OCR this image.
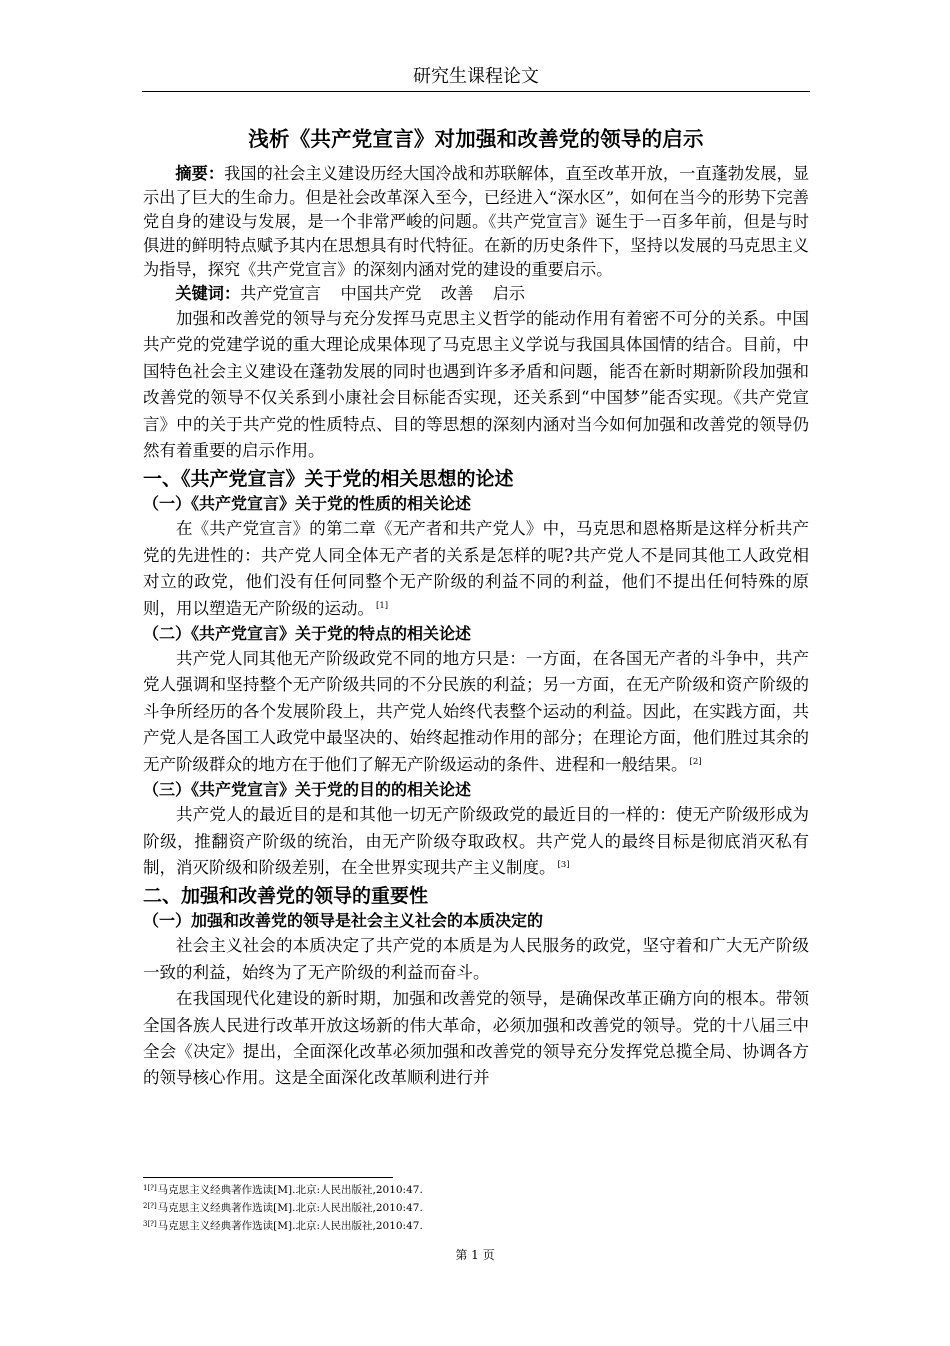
研究生课程论文
浅析《共产党宣言》对加强和改善党的领导的启示
摘要：我国的社会主义建设历经大国冷战和苏联解体，直至改革开放，一直蓬勃发展，显示出了巨大的生命力。但是社会改革深入至今，已经进入“深水区”，如何在当今的形势下完善党自身的建设与发展，是一个非常严峻的问题。《共产党宣言》诞生于一百多年前，但是与时俱进的鲜明特点赋予其内在思想具有时代特征。在新的历史条件下，坚持以发展的马克思主义为指导，探究《共产党宣言》的深刻内涵对党的建设的重要启示。
关键词：共产党宣言 中国共产党 改善 启示

加强和改善党的领导与充分发挥马克思主义哲学的能动作用有着密不可分的关系。中国共产党的党建学说的重大理论成果体现了马克思主义学说与我国具体国情的结合。目前，中国特色社会主义建设在蓬勃发展的同时也遇到许多矛盾和问题，能否在新时期新阶段加强和改善党的领导不仅关系到小康社会目标能否实现，还关系到“中国梦”能否实现。《共产党宣言》中的关于共产党的性质特点、目的等思想的深刻内涵对当今如何加强和改善党的领导仍然有着重要的启示作用。

一、《共产党宣言》关于党的相关思想的论述
（一）《共产党宣言》关于党的性质的相关论述

在《共产党宣言》的第二章《无产者和共产党人》中，马克思和恩格斯是这样分析共产党的先进性的：共产党人同全体无产者的关系是怎样的呢?共产党人不是同其他工人政党相对立的政党，他们没有任何同整个无产阶级的利益不同的利益，他们不提出任何特殊的原则，用以塑造无产阶级的运动。 [1]

（二）《共产党宣言》关于党的特点的相关论述

共产党人同其他无产阶级政党不同的地方只是：一方面，在各国无产者的斗争中，共产党人强调和坚持整个无产阶级共同的不分民族的利益；另一方面，在无产阶级和资产阶级的斗争所经历的各个发展阶段上，共产党人始终代表整个运动的利益。因此，在实践方面，共产党人是各国工人政党中最坚决的、始终起推动作用的部分；在理论方面，他们胜过其余的无产阶级群众的地方在于他们了解无产阶级运动的条件、进程和一般结果。 [2]

（三）《共产党宣言》关于党的目的的相关论述

共产党人的最近目的是和其他一切无产阶级政党的最近目的一样的：使无产阶级形成为阶级，推翻资产阶级的统治，由无产阶级夺取政权。共产党人的最终目标是彻底消灭私有制，消灭阶级和阶级差别，在全世界实现共产主义制度。 [3]

二、加强和改善党的领导的重要性
（一）加强和改善党的领导是社会主义社会的本质决定的

社会主义社会的本质决定了共产党的本质是为人民服务的政党，坚守着和广大无产阶级一致的利益，始终为了无产阶级的利益而奋斗。

在我国现代化建设的新时期，加强和改善党的领导，是确保改革正确方向的根本。带领全国各族人民进行改革开放这场新的伟大革命，必须加强和改善党的领导。党的十八届三中全会《决定》提出，全面深化改革必须加强和改善党的领导充分发挥党总揽全局、协调各方的领导核心作用。这是全面深化改革顺利进行并

$^{1[?]}$马克思主义经典著作选读[M].北京:人民出版社,2010:47.
$^{2[?]}$马克思主义经典著作选读[M].北京:人民出版社,2010:47.
$^{3[?]}$马克思主义经典著作选读[M].北京:人民出版社,2010:47.
第 1 页
